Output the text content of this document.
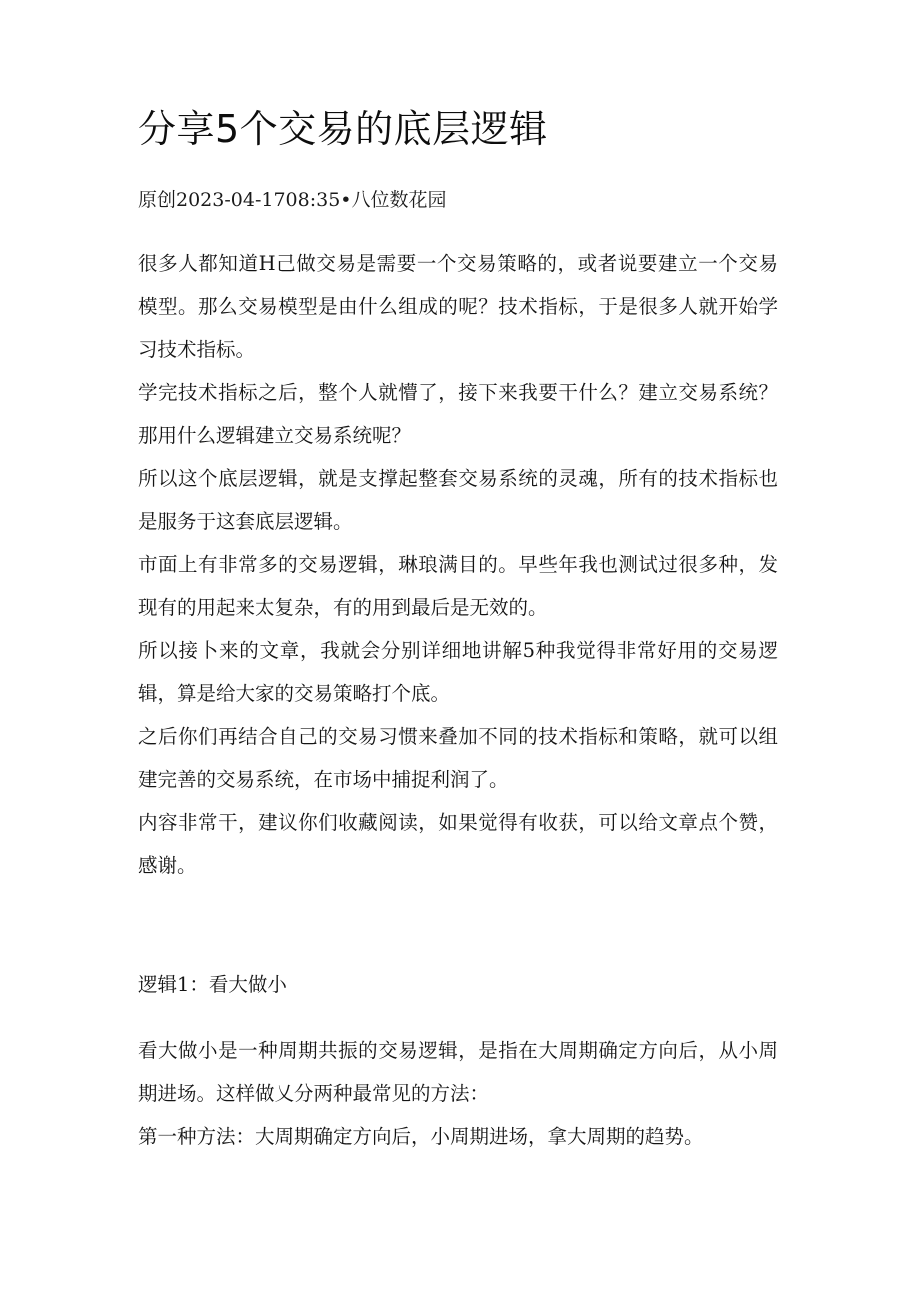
分享5个交易的底层逻辑
原创2023-04-1708:35•八位数花园

很多人都知道H己做交易是需要一个交易策略的，或者说要建立一个交易模型。那么交易模型是由什么组成的呢？技术指标，于是很多人就开始学习技术指标。

学完技术指标之后，整个人就懵了，接下来我要干什么？建立交易系统？那用什么逻辑建立交易系统呢？

所以这个底层逻辑，就是支撑起整套交易系统的灵魂，所有的技术指标也是服务于这套底层逻辑。

市面上有非常多的交易逻辑，琳琅满目的。早些年我也测试过很多种，发现有的用起来太复杂，有的用到最后是无效的。

所以接卜来的文章，我就会分别详细地讲解5种我觉得非常好用的交易逻辑，算是给大家的交易策略打个底。

之后你们再结合自己的交易习惯来叠加不同的技术指标和策略，就可以组建完善的交易系统，在市场中捕捉利润了。

内容非常干，建议你们收藏阅读，如果觉得有收获，可以给文章点个赞，感谢。

逻辑1：看大做小

看大做小是一种周期共振的交易逻辑，是指在大周期确定方向后，从小周期进场。这样做乂分两种最常见的方法：

第一种方法：大周期确定方向后，小周期进场，拿大周期的趋势。
